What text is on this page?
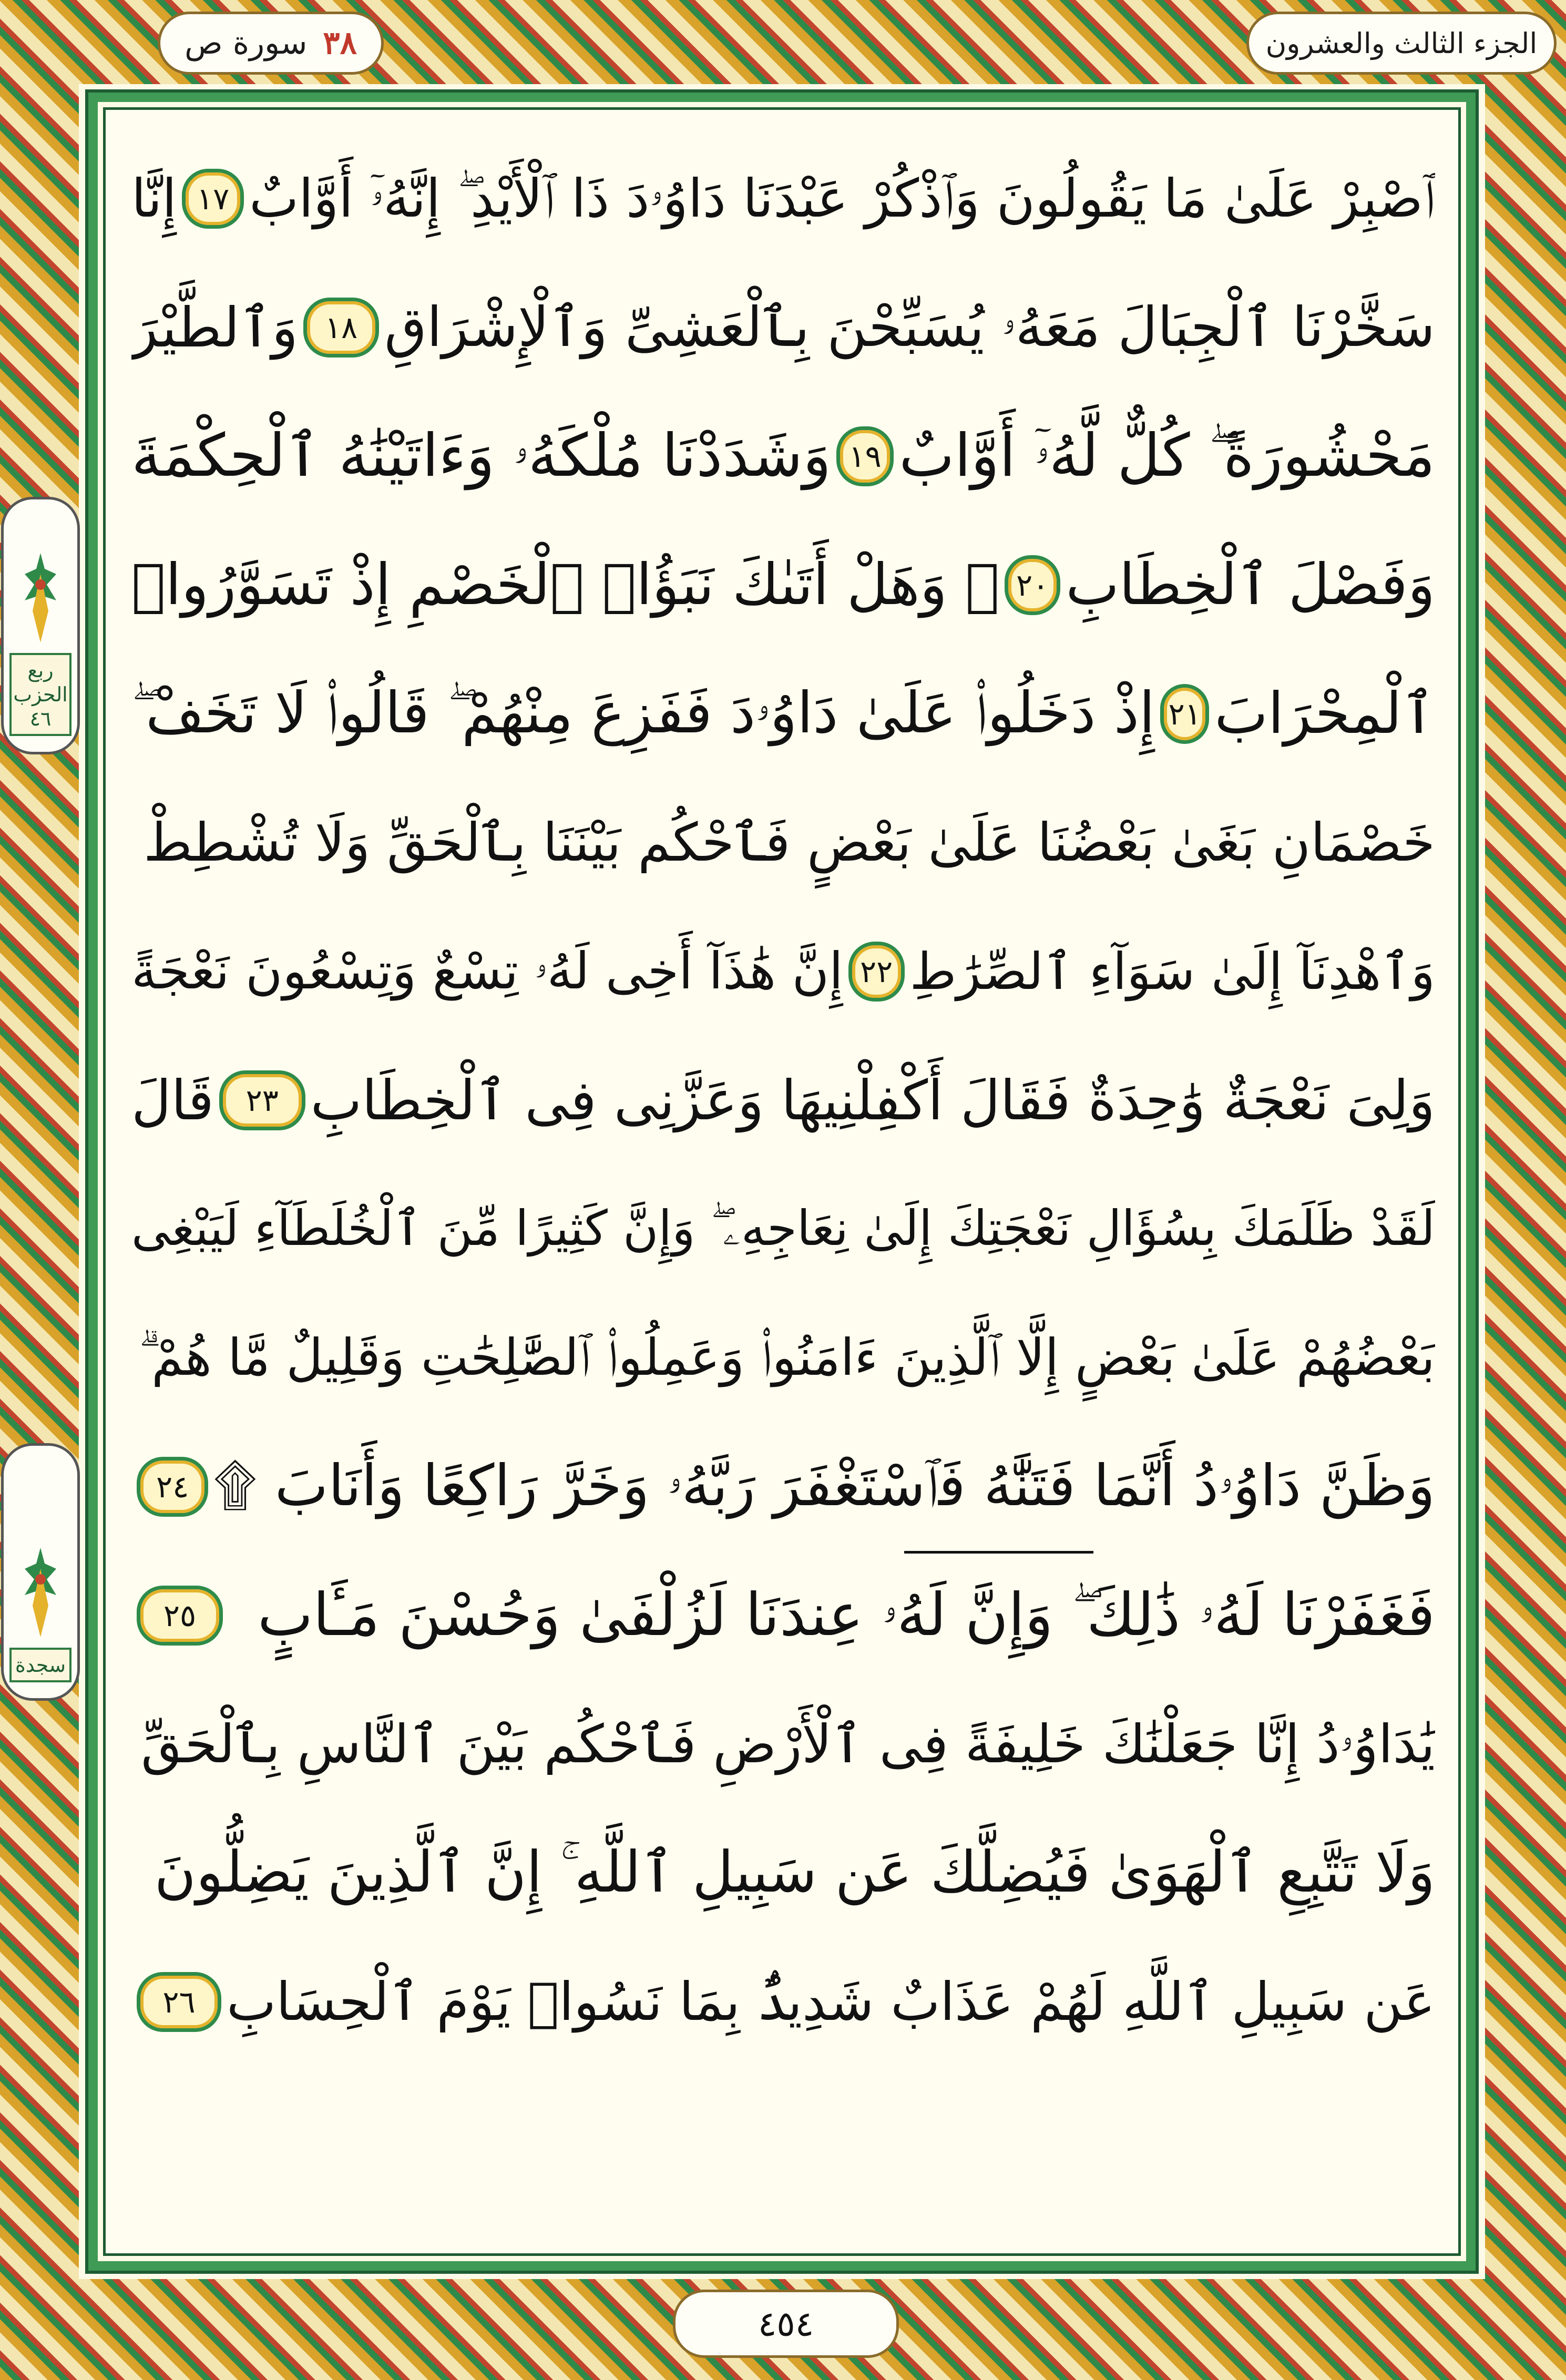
الجزء الثالث والعشرون
سورة ص ٣٨
ربع الحزب ٤٦
سجدة
ٱصْبِرْ عَلَىٰ مَا يَقُولُونَ وَٱذْكُرْ عَبْدَنَا دَاوُۥدَ ذَا ٱلْأَيْدِ ۖ إِنَّهُۥٓ أَوَّابٌ
١٧
إِنَّا
سَخَّرْنَا ٱلْجِبَالَ مَعَهُۥ يُسَبِّحْنَ بِٱلْعَشِىِّ وَٱلْإِشْرَاقِ
١٨
وَٱلطَّيْرَ
مَحْشُورَةً ۖ كُلٌّ لَّهُۥٓ أَوَّابٌ
١٩
وَشَدَدْنَا مُلْكَهُۥ وَءَاتَيْنَٰهُ ٱلْحِكْمَةَ
وَفَصْلَ ٱلْخِطَابِ
٢٠
۞ وَهَلْ أَتَىٰكَ نَبَؤُا۟ ٱلْخَصْمِ إِذْ تَسَوَّرُوا۟
ٱلْمِحْرَابَ
٢١
إِذْ دَخَلُوا۟ عَلَىٰ دَاوُۥدَ فَفَزِعَ مِنْهُمْ ۖ قَالُوا۟ لَا تَخَفْ ۖ
خَصْمَانِ بَغَىٰ بَعْضُنَا عَلَىٰ بَعْضٍ فَٱحْكُم بَيْنَنَا بِٱلْحَقِّ وَلَا تُشْطِطْ
وَٱهْدِنَآ إِلَىٰ سَوَآءِ ٱلصِّرَٰطِ
٢٢
إِنَّ هَٰذَآ أَخِى لَهُۥ تِسْعٌ وَتِسْعُونَ نَعْجَةً
وَلِىَ نَعْجَةٌ وَٰحِدَةٌ فَقَالَ أَكْفِلْنِيهَا وَعَزَّنِى فِى ٱلْخِطَابِ
٢٣
قَالَ
لَقَدْ ظَلَمَكَ بِسُؤَالِ نَعْجَتِكَ إِلَىٰ نِعَاجِهِۦ ۖ وَإِنَّ كَثِيرًا مِّنَ ٱلْخُلَطَآءِ لَيَبْغِى
بَعْضُهُمْ عَلَىٰ بَعْضٍ إِلَّا ٱلَّذِينَ ءَامَنُوا۟ وَعَمِلُوا۟ ٱلصَّٰلِحَٰتِ وَقَلِيلٌ مَّا هُمْ ۗ
وَظَنَّ دَاوُۥدُ أَنَّمَا فَتَنَّٰهُ فَٱسْتَغْفَرَ رَبَّهُۥ وَخَرَّ رَاكِعًا وَأَنَابَ ۩
٢٤
فَغَفَرْنَا لَهُۥ ذَٰلِكَ ۖ وَإِنَّ لَهُۥ عِندَنَا لَزُلْفَىٰ وَحُسْنَ مَـَٔابٍ
٢٥
يَٰدَاوُۥدُ إِنَّا جَعَلْنَٰكَ خَلِيفَةً فِى ٱلْأَرْضِ فَٱحْكُم بَيْنَ ٱلنَّاسِ بِٱلْحَقِّ
وَلَا تَتَّبِعِ ٱلْهَوَىٰ فَيُضِلَّكَ عَن سَبِيلِ ٱللَّهِ ۚ إِنَّ ٱلَّذِينَ يَضِلُّونَ
عَن سَبِيلِ ٱللَّهِ لَهُمْ عَذَابٌ شَدِيدٌۢ بِمَا نَسُوا۟ يَوْمَ ٱلْحِسَابِ
٢٦
٤٥٤
